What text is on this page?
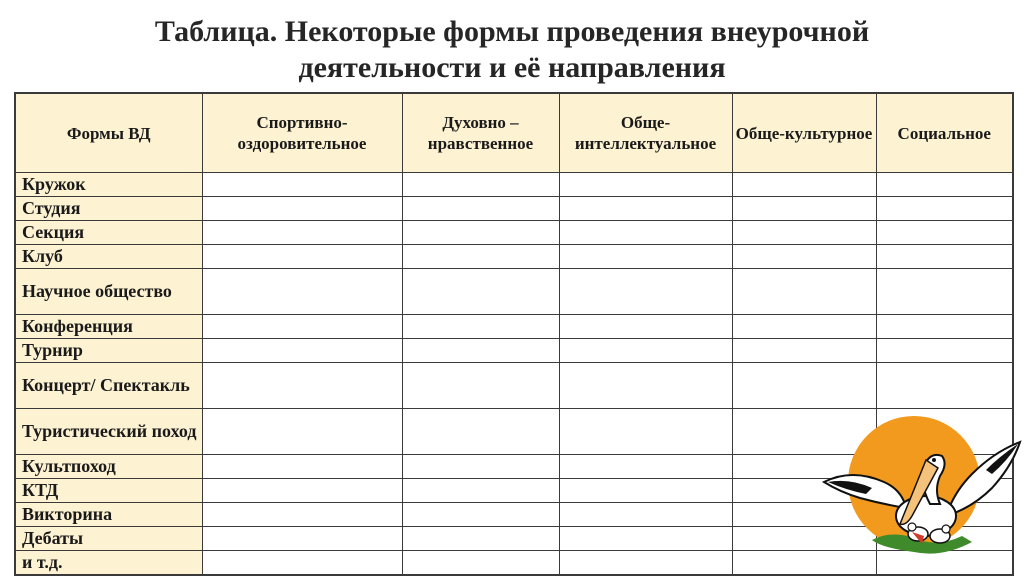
Таблица. Некоторые формы проведения внеурочной
деятельности и её направления
Формы ВД	Спортивно-оздоровительное	Духовно – нравственное	Обще-интеллектуальное	Обще-культурное	Социальное
Кружок					
Студия					
Секция					
Клуб					
Научное общество					
Конференция					
Турнир					
Концерт/ Спектакль					
Туристический поход					
Культпоход					
КТД					
Викторина					
Дебаты					
и т.д.					
